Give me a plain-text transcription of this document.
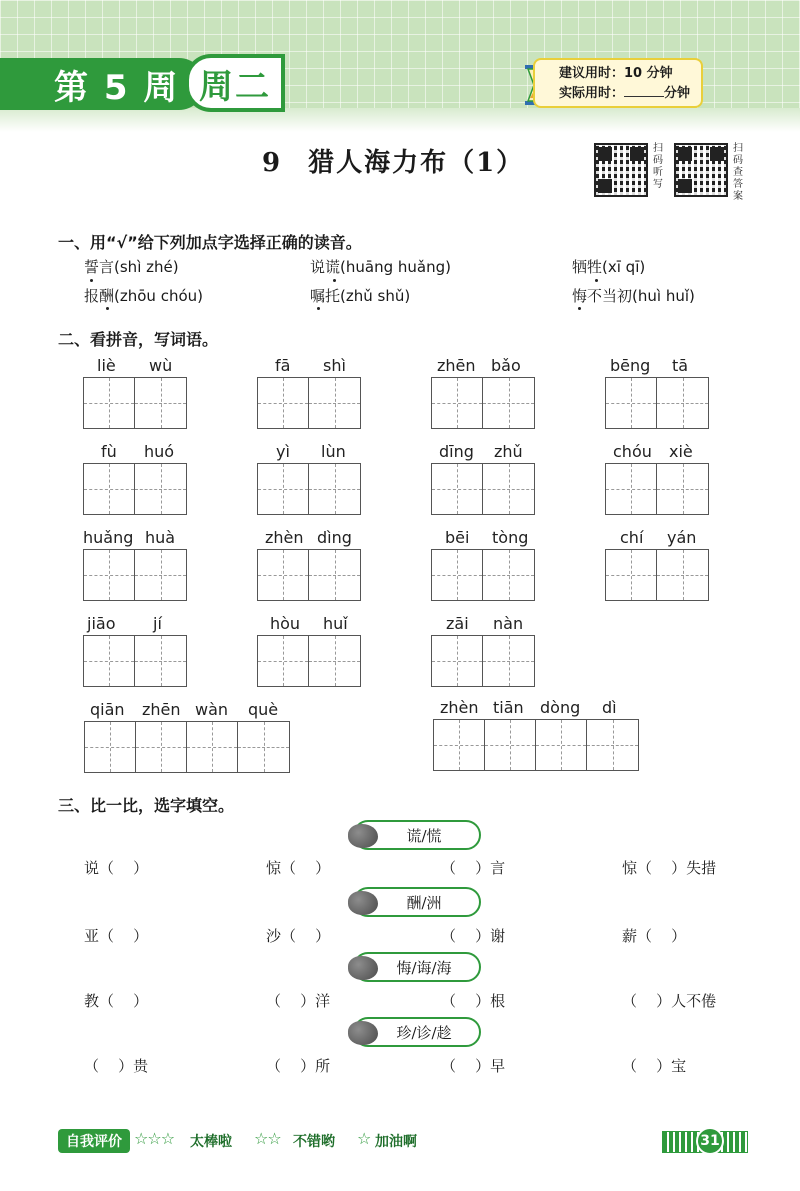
第 5 周 周二	建议用时：10 分钟
实际用时：	分钟
9 猎人海力布（1）	扫
码
听
写
扫
码
查
答
案
一、用“√”给下列加点字选择正确的读音。
誓言(shì zhé)	说谎(huāng huǎng)	牺牲(xī qī)
报酬(zhōu chóu)	嘱托(zhǔ shǔ)	悔不当初(huì huǐ)
二、看拼音，写词语。
liè wù	fā shì	zhēn bǎo	bēng tā
fù huó	yì lùn	dīng zhǔ	chóu xiè
huǎng huà	zhèn dìng	bēi tòng	chí yán
jiāo jí	hòu huǐ	zāi nàn
qiān zhēn wàn què	zhèn tiān dòng dì
三、比一比，选字填空。
谎/慌
说（    ）	惊（    ）	（    ）言	惊（    ）失措
酬/洲
亚（    ）	沙（    ）	（    ）谢	薪（    ）
悔/诲/海
教（    ）	（    ）洋	（    ）根	（    ）人不倦
珍/诊/趁
（    ）贵	（    ）所	（    ）早	（    ）宝
自我评价 ☆☆☆ 太棒啦 ☆☆ 不错哟 ☆ 加油啊	31
